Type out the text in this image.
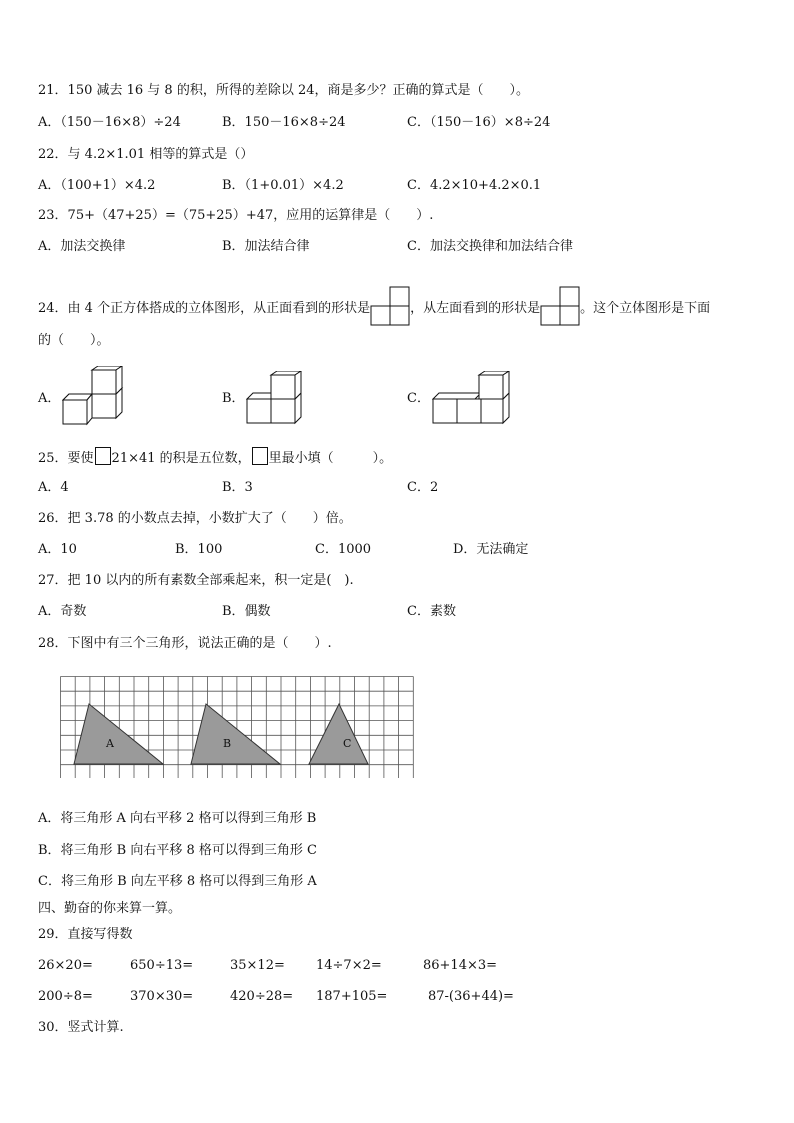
21．150 减去 16 与 8 的积，所得的差除以 24，商是多少？正确的算式是（　　）。
A．（150－16×8）÷24	B．150－16×8÷24	C．（150－16）×8÷24
22．与 4.2×1.01 相等的算式是（）
A．（100+1）×4.2	B．（1+0.01）×4.2	C．4.2×10+4.2×0.1
23．75+（47+25）=（75+25）+47，应用的运算律是（　　）.
A．加法交换律	B．加法结合律	C．加法交换律和加法结合律
24．由 4 个正方体搭成的立体图形，从正面看到的形状是	，从左面看到的形状是	。这个立体图形是下面
的（　　）。
A．	B．	C．
25．要使 21×41 的积是五位数， 里最小填（　　　）。
A．4	B．3	C．2
26．把 3.78 的小数点去掉，小数扩大了（　　）倍。
A．10	B．100	C．1000	D．无法确定
27．把 10 以内的所有素数全部乘起来，积一定是(　).
A．奇数	B．偶数	C．素数
28．下图中有三个三角形，说法正确的是（　　）.
A	B	C
A．将三角形 A 向右平移 2 格可以得到三角形 B
B．将三角形 B 向右平移 8 格可以得到三角形 C
C．将三角形 B 向左平移 8 格可以得到三角形 A
四、勤奋的你来算一算。
29．直接写得数
26×20=	650÷13=	35×12= 14÷7×2=	86+14×3=
200÷8=	370×30=	420÷28= 187+105=	87-(36+44)=
30．竖式计算.
